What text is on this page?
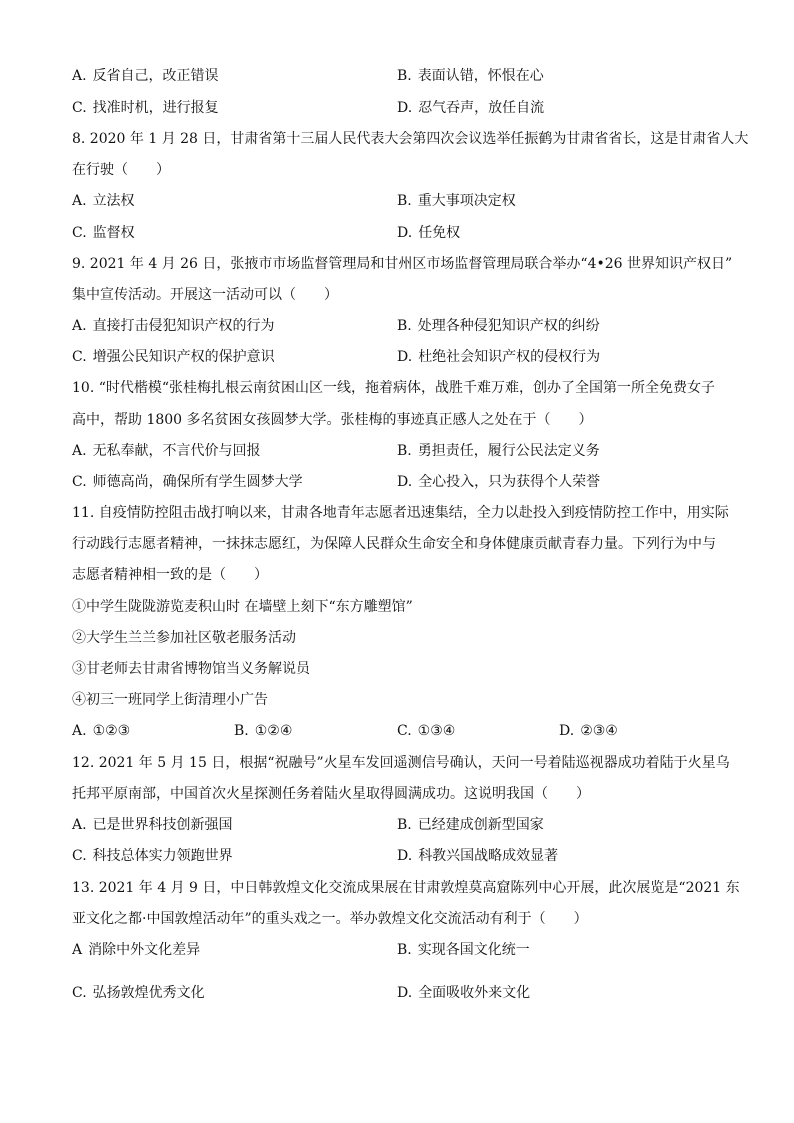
A. 反省自己，改正错误	B. 表面认错，怀恨在心
C. 找准时机，进行报复	D. 忍气吞声，放任自流
8. 2020 年 1 月 28 日，甘肃省第十三届人民代表大会第四次会议选举任振鹤为甘肃省省长，这是甘肃省人大
在行驶（　　）
A. 立法权	B. 重大事项决定权
C. 监督权	D. 任免权
9. 2021 年 4 月 26 日，张掖市市场监督管理局和甘州区市场监督管理局联合举办“4•26 世界知识产权日”
集中宣传活动。开展这一活动可以（　　）
A. 直接打击侵犯知识产权的行为	B. 处理各种侵犯知识产权的纠纷
C. 增强公民知识产权的保护意识	D. 杜绝社会知识产权的侵权行为
10. “时代楷模“张桂梅扎根云南贫困山区一线，拖着病体，战胜千难万难，创办了全国第一所全免费女子
高中，帮助 1800 多名贫困女孩圆梦大学。张桂梅的事迹真正感人之处在于（　　）
A. 无私奉献，不言代价与回报	B. 勇担责任，履行公民法定义务
C. 师德高尚，确保所有学生圆梦大学	D. 全心投入，只为获得个人荣誉
11. 自疫情防控阻击战打响以来，甘肃各地青年志愿者迅速集结，全力以赴投入到疫情防控工作中，用实际
行动践行志愿者精神，一抹抹志愿红，为保障人民群众生命安全和身体健康贡献青春力量。下列行为中与
志愿者精神相一致的是（　　）
①中学生陇陇游览麦积山时 在墙壁上刻下“东方雕塑馆”
②大学生兰兰参加社区敬老服务活动
③甘老师去甘肃省博物馆当义务解说员
④初三一班同学上街清理小广告
A. ①②③	B. ①②④	C. ①③④	D. ②③④
12. 2021 年 5 月 15 日，根据“祝融号”火星车发回遥测信号确认，天问一号着陆巡视器成功着陆于火星乌
托邦平原南部，中国首次火星探测任务着陆火星取得圆满成功。这说明我国（　　）
A. 已是世界科技创新强国	B. 已经建成创新型国家
C. 科技总体实力领跑世界	D. 科教兴国战略成效显著
13. 2021 年 4 月 9 日，中日韩敦煌文化交流成果展在甘肃敦煌莫高窟陈列中心开展，此次展览是“2021 东
亚文化之都·中国敦煌活动年”的重头戏之一。举办敦煌文化交流活动有利于（　　）
A 消除中外文化差异	B. 实现各国文化统一
C. 弘扬敦煌优秀文化	D. 全面吸收外来文化
